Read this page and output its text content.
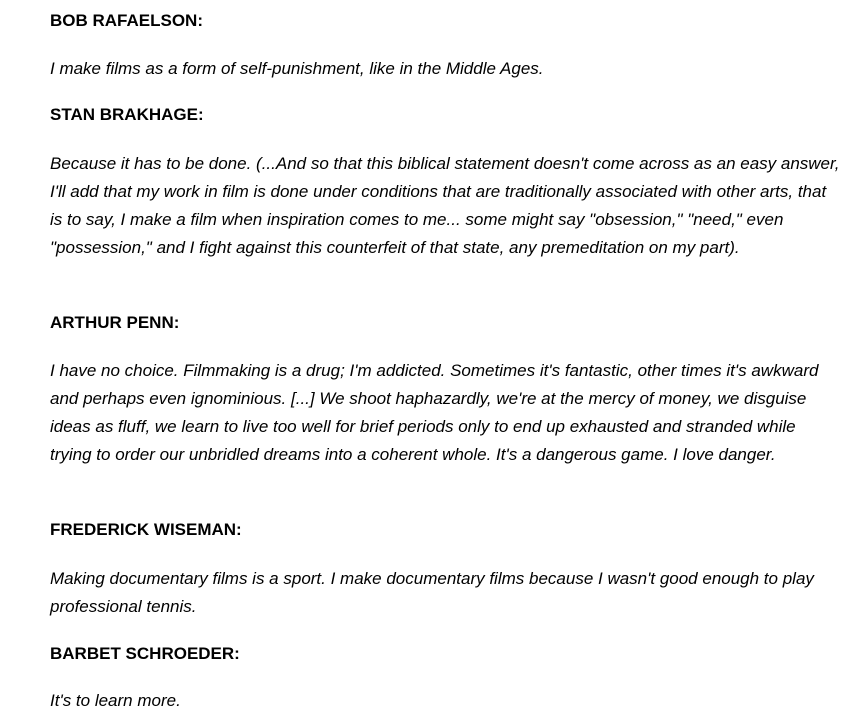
BOB RAFAELSON:

I make films as a form of self-punishment, like in the Middle Ages.

STAN BRAKHAGE:

Because it has to be done. (...And so that this biblical statement doesn't come across as an easy answer, I'll add that my work in film is done under conditions that are traditionally associated with other arts, that is to say, I make a film when inspiration comes to me... some might say "obsession," "need," even "possession," and I fight against this counterfeit of that state, any premeditation on my part).

ARTHUR PENN:

I have no choice. Filmmaking is a drug; I'm addicted. Sometimes it's fantastic, other times it's awkward and perhaps even ignominious. [...] We shoot haphazardly, we're at the mercy of money, we disguise ideas as fluff, we learn to live too well for brief periods only to end up exhausted and stranded while trying to order our unbridled dreams into a coherent whole. It's a dangerous game. I love danger.

FREDERICK WISEMAN:

Making documentary films is a sport. I make documentary films because I wasn't good enough to play professional tennis.

BARBET SCHROEDER:

It's to learn more.
